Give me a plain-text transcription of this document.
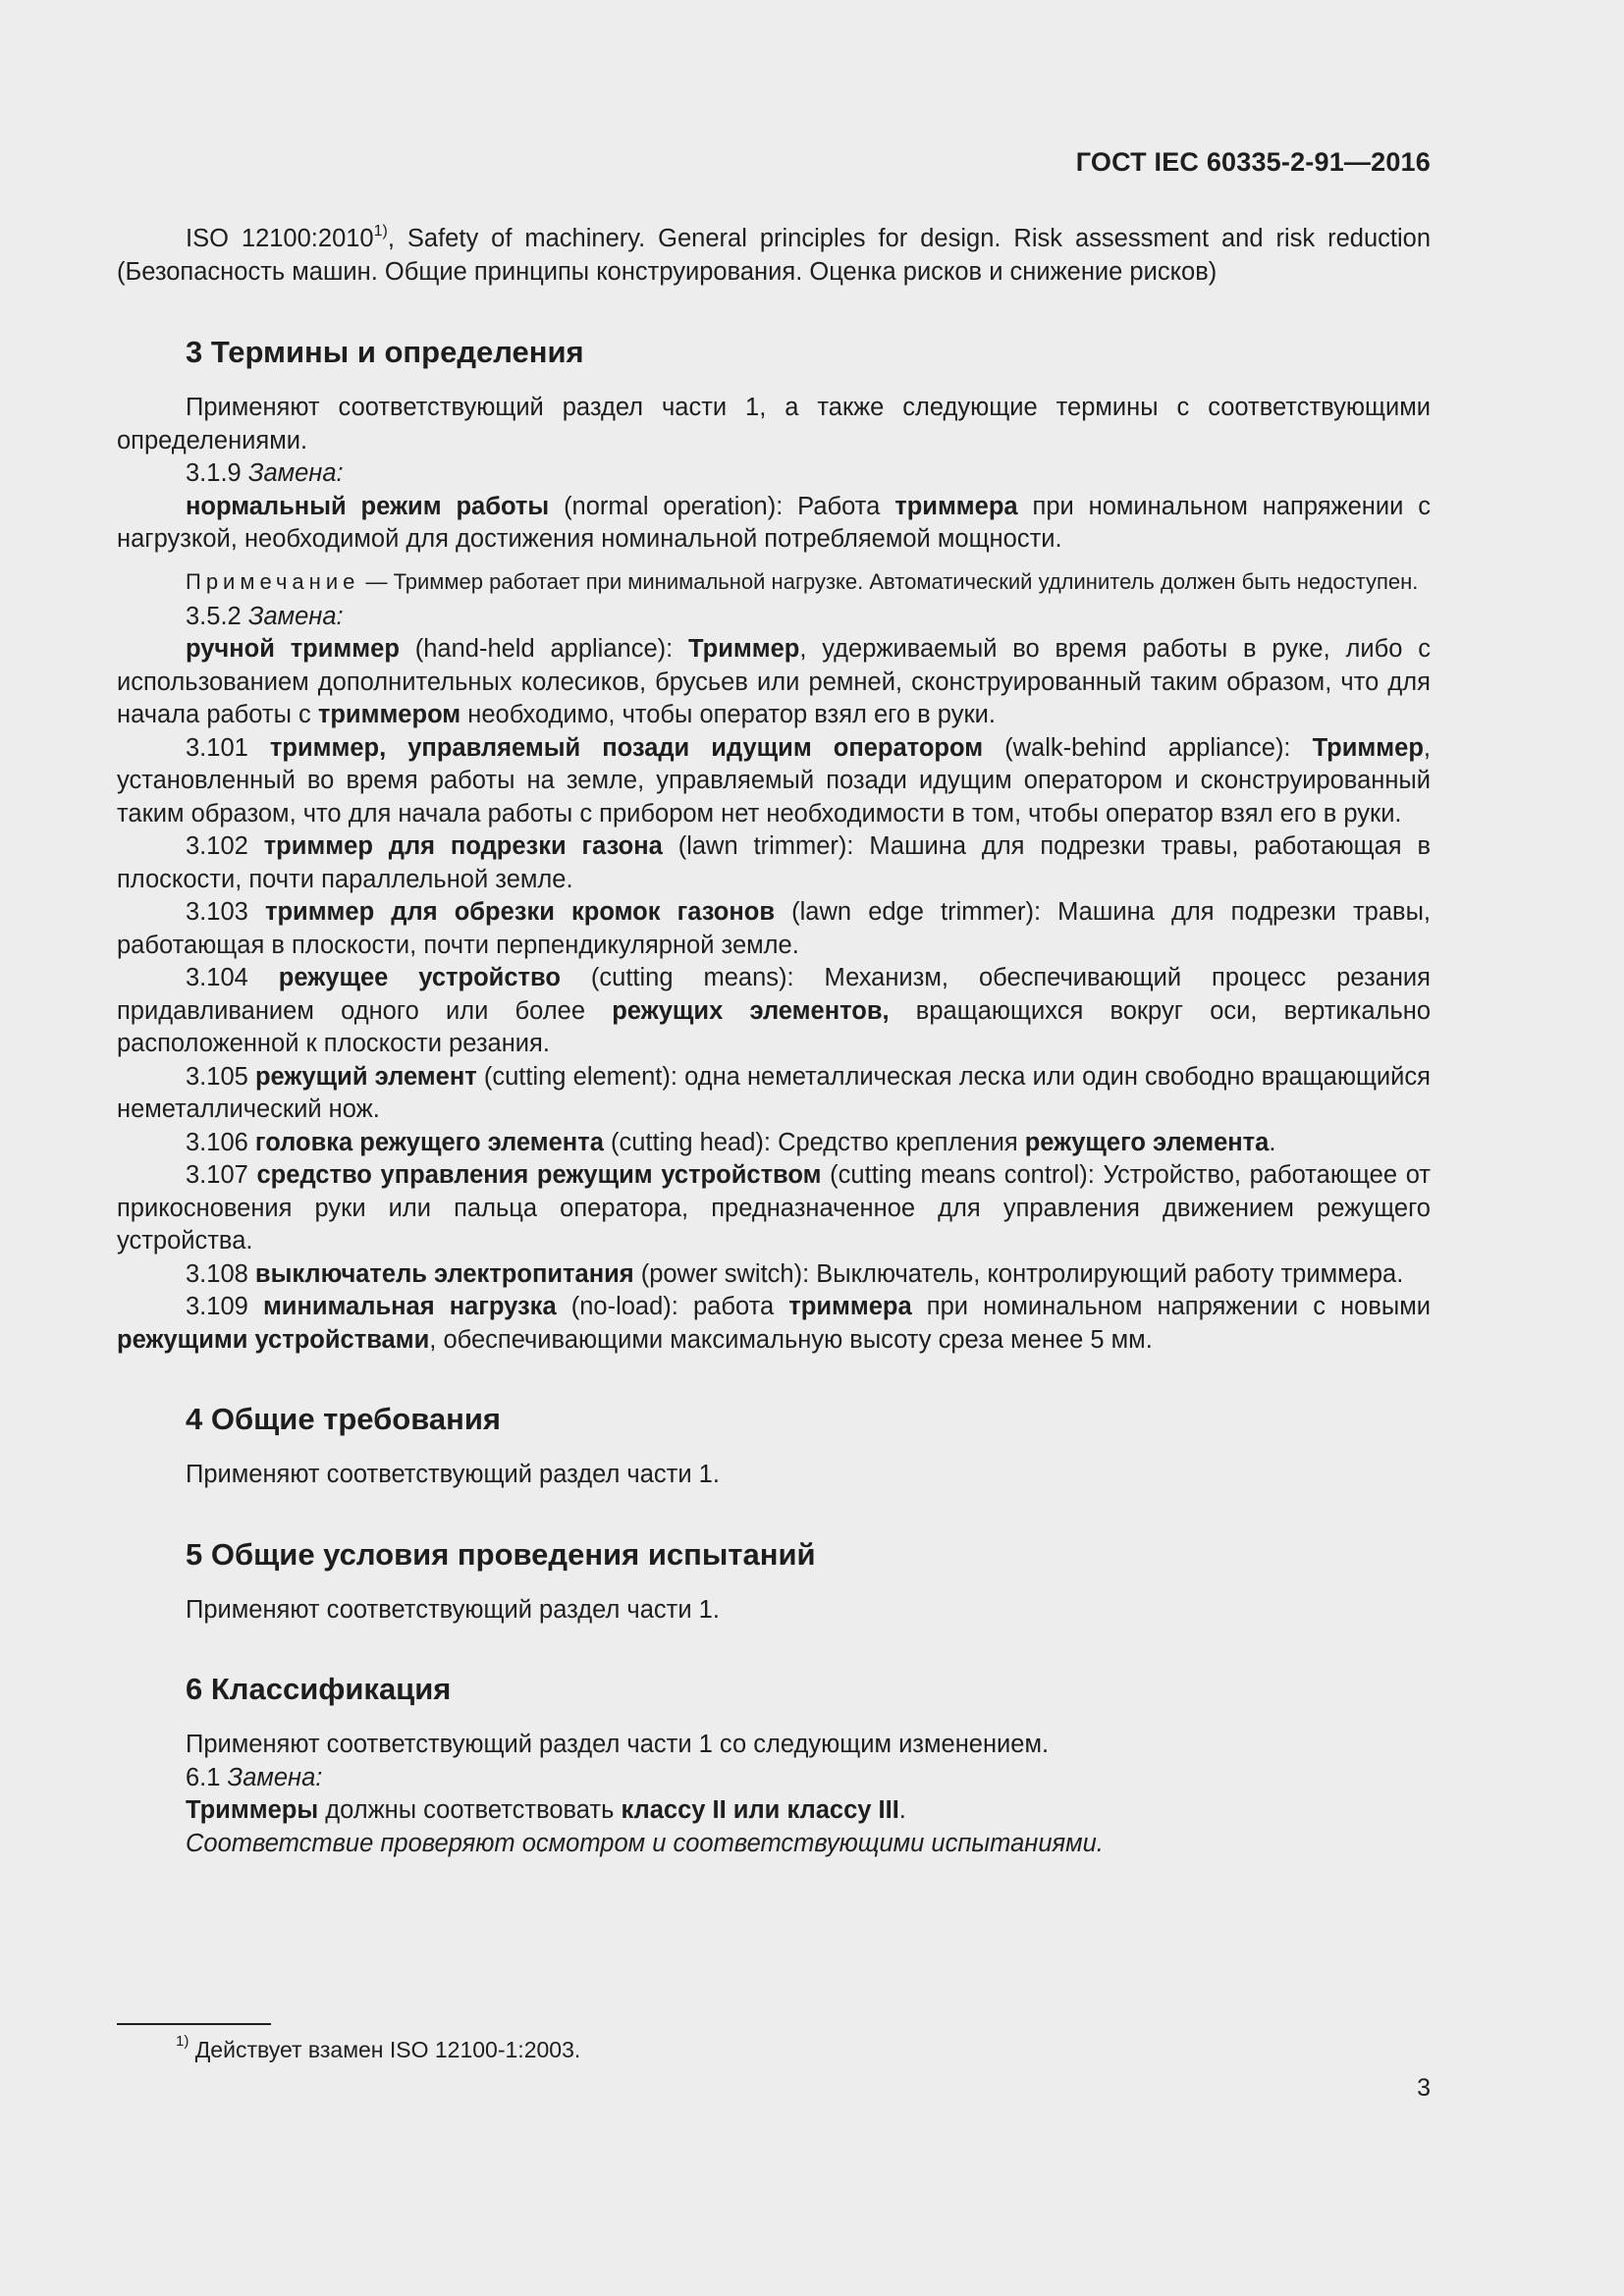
ГОСТ IEC 60335-2-91—2016

ISO 12100:2010$^{1)}$, Safety of machinery. General principles for design. Risk assessment and risk reduction (Безопасность машин. Общие принципы конструирования. Оценка рисков и снижение рисков)

3 Термины и определения

Применяют соответствующий раздел части 1, а также следующие термины с соответствующими определениями.

3.1.9 Замена:

нормальный режим работы (normal operation): Работа триммера при номинальном напряжении с нагрузкой, необходимой для достижения номинальной потребляемой мощности.

Примечание — Триммер работает при минимальной нагрузке. Автоматический удлинитель должен быть недоступен.

3.5.2 Замена:

ручной триммер (hand-held appliance): Триммер, удерживаемый во время работы в руке, либо с использованием дополнительных колесиков, брусьев или ремней, сконструированный таким образом, что для начала работы с триммером необходимо, чтобы оператор взял его в руки.

3.101 триммер, управляемый позади идущим оператором (walk-behind appliance): Триммер, установленный во время работы на земле, управляемый позади идущим оператором и сконструированный таким образом, что для начала работы с прибором нет необходимости в том, чтобы оператор взял его в руки.

3.102 триммер для подрезки газона (lawn trimmer): Машина для подрезки травы, работающая в плоскости, почти параллельной земле.

3.103 триммер для обрезки кромок газонов (lawn edge trimmer): Машина для подрезки травы, работающая в плоскости, почти перпендикулярной земле.

3.104 режущее устройство (cutting means): Механизм, обеспечивающий процесс резания придавливанием одного или более режущих элементов, вращающихся вокруг оси, вертикально расположенной к плоскости резания.

3.105 режущий элемент (cutting element): одна неметаллическая леска или один свободно вращающийся неметаллический нож.

3.106 головка режущего элемента (cutting head): Средство крепления режущего элемента.

3.107 средство управления режущим устройством (cutting means control): Устройство, работающее от прикосновения руки или пальца оператора, предназначенное для управления движением режущего устройства.

3.108 выключатель электропитания (power switch): Выключатель, контролирующий работу триммера.

3.109 минимальная нагрузка (no-load): работа триммера при номинальном напряжении с новыми режущими устройствами, обеспечивающими максимальную высоту среза менее 5 мм.

4 Общие требования

Применяют соответствующий раздел части 1.

5 Общие условия проведения испытаний

Применяют соответствующий раздел части 1.

6 Классификация

Применяют соответствующий раздел части 1 со следующим изменением.

6.1 Замена:

Триммеры должны соответствовать классу II или классу III.

Соответствие проверяют осмотром и соответствующими испытаниями.

$^{1)}$ Действует взамен ISO 12100-1:2003.
3
